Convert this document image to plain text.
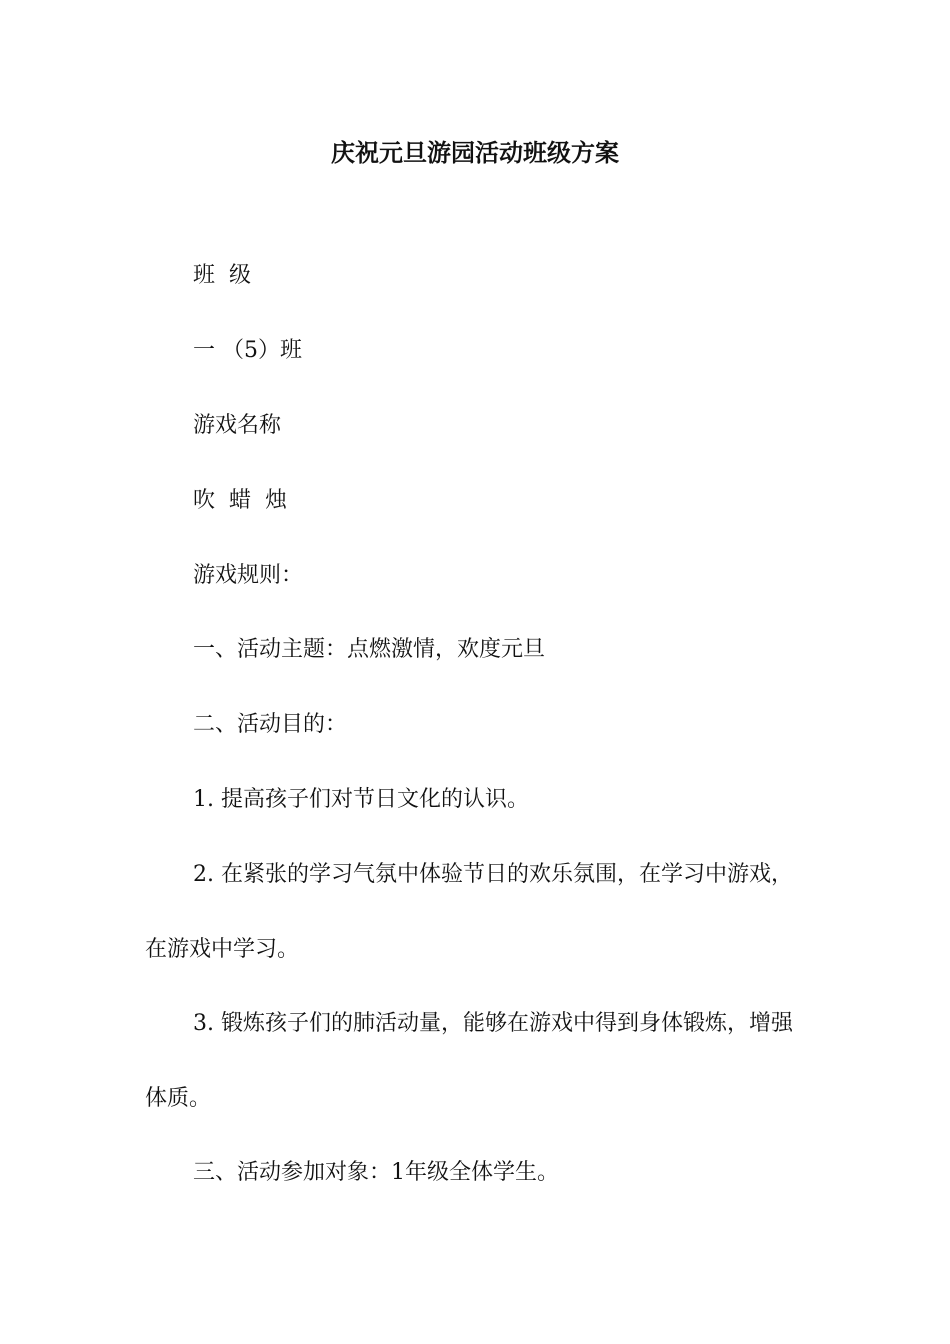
庆祝元旦游园活动班级方案
班  级
一 （5）班
游戏名称
吹  蜡  烛
游戏规则：
一、活动主题：点燃激情，欢度元旦
二、活动目的：
1. 提高孩子们对节日文化的认识。
2. 在紧张的学习气氛中体验节日的欢乐氛围，在学习中游戏，在游戏中学习。
3. 锻炼孩子们的肺活动量，能够在游戏中得到身体锻炼，增强体质。
三、活动参加对象：1年级全体学生。
